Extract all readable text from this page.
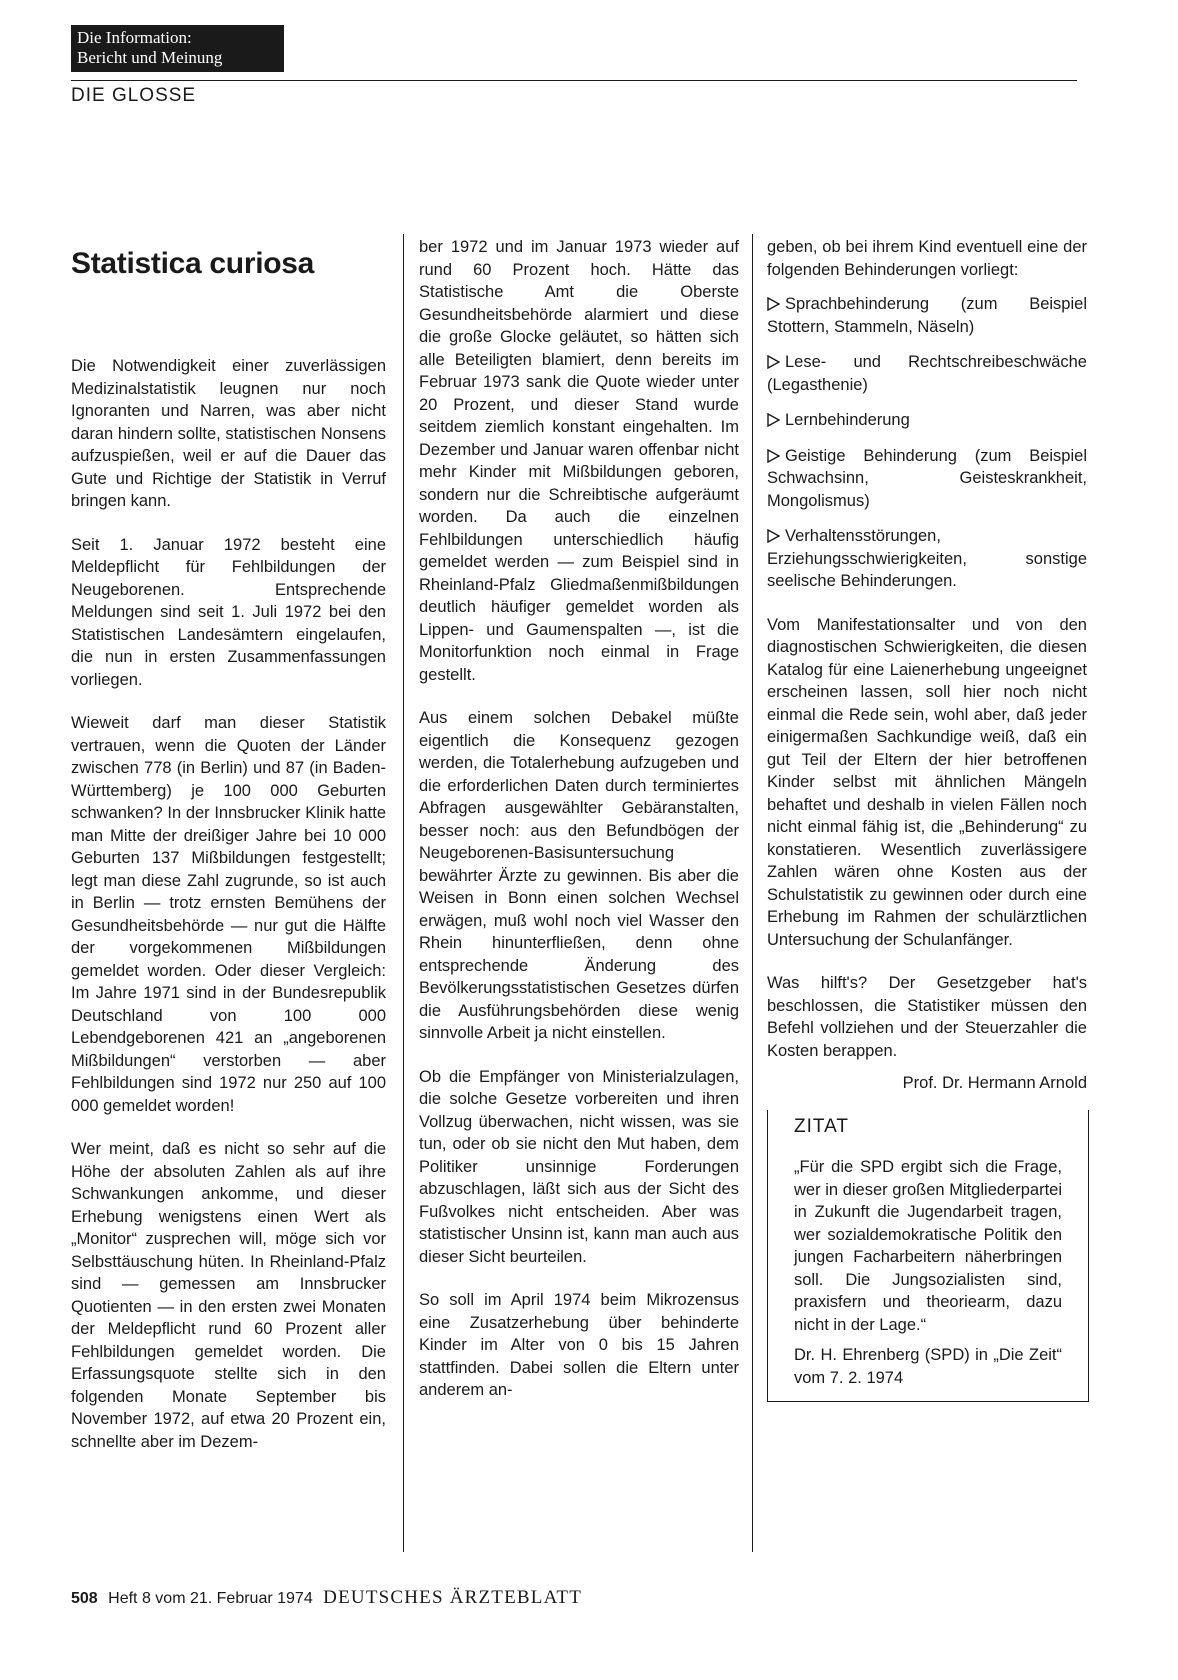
Die Information:
Bericht und Meinung
DIE GLOSSE
Statistica curiosa

Die Notwendigkeit einer zuverlässigen Medizinalstatistik leugnen nur noch Ignoranten und Narren, was aber nicht daran hindern sollte, statistischen Nonsens aufzuspießen, weil er auf die Dauer das Gute und Richtige der Statistik in Verruf bringen kann.

Seit 1. Januar 1972 besteht eine Meldepflicht für Fehlbildungen der Neugeborenen. Entsprechende Meldungen sind seit 1. Juli 1972 bei den Statistischen Landesämtern eingelaufen, die nun in ersten Zusammenfassungen vorliegen.

Wieweit darf man dieser Statistik vertrauen, wenn die Quoten der Länder zwischen 778 (in Berlin) und 87 (in Baden-Württemberg) je 100 000 Geburten schwanken? In der Innsbrucker Klinik hatte man Mitte der dreißiger Jahre bei 10 000 Geburten 137 Mißbildungen festgestellt; legt man diese Zahl zugrunde, so ist auch in Berlin — trotz ernsten Bemühens der Gesundheitsbehörde — nur gut die Hälfte der vorgekommenen Mißbildungen gemeldet worden. Oder dieser Vergleich: Im Jahre 1971 sind in der Bundesrepublik Deutschland von 100 000 Lebendgeborenen 421 an „angeborenen Mißbildungen“ verstorben — aber Fehlbildungen sind 1972 nur 250 auf 100 000 gemeldet worden!

Wer meint, daß es nicht so sehr auf die Höhe der absoluten Zahlen als auf ihre Schwankungen ankomme, und dieser Erhebung wenigstens einen Wert als „Monitor“ zusprechen will, möge sich vor Selbsttäuschung hüten. In Rheinland-Pfalz sind — gemessen am Innsbrucker Quotienten — in den ersten zwei Monaten der Meldepflicht rund 60 Prozent aller Fehlbildungen gemeldet worden. Die Erfassungsquote stellte sich in den folgenden Monate September bis November 1972, auf etwa 20 Prozent ein, schnellte aber im Dezem-

ber 1972 und im Januar 1973 wieder auf rund 60 Prozent hoch. Hätte das Statistische Amt die Oberste Gesundheitsbehörde alarmiert und diese die große Glocke geläutet, so hätten sich alle Beteiligten blamiert, denn bereits im Februar 1973 sank die Quote wieder unter 20 Prozent, und dieser Stand wurde seitdem ziemlich konstant eingehalten. Im Dezember und Januar waren offenbar nicht mehr Kinder mit Mißbildungen geboren, sondern nur die Schreibtische aufgeräumt worden. Da auch die einzelnen Fehlbildungen unterschiedlich häufig gemeldet werden — zum Beispiel sind in Rheinland-Pfalz Gliedmaßenmißbildungen deutlich häufiger gemeldet worden als Lippen- und Gaumenspalten —, ist die Monitorfunktion noch einmal in Frage gestellt.

Aus einem solchen Debakel müßte eigentlich die Konsequenz gezogen werden, die Totalerhebung aufzugeben und die erforderlichen Daten durch terminiertes Abfragen ausgewählter Gebäranstalten, besser noch: aus den Befundbögen der Neugeborenen-Basisuntersuchung bewährter Ärzte zu gewinnen. Bis aber die Weisen in Bonn einen solchen Wechsel erwägen, muß wohl noch viel Wasser den Rhein hinunterfließen, denn ohne entsprechende Änderung des Bevölkerungsstatistischen Gesetzes dürfen die Ausführungsbehörden diese wenig sinnvolle Arbeit ja nicht einstellen.

Ob die Empfänger von Ministerialzulagen, die solche Gesetze vorbereiten und ihren Vollzug überwachen, nicht wissen, was sie tun, oder ob sie nicht den Mut haben, dem Politiker unsinnige Forderungen abzuschlagen, läßt sich aus der Sicht des Fußvolkes nicht entscheiden. Aber was statistischer Unsinn ist, kann man auch aus dieser Sicht beurteilen.

So soll im April 1974 beim Mikrozensus eine Zusatzerhebung über behinderte Kinder im Alter von 0 bis 15 Jahren stattfinden. Dabei sollen die Eltern unter anderem an-

geben, ob bei ihrem Kind eventuell eine der folgenden Behinderungen vorliegt:

Sprachbehinderung (zum Beispiel Stottern, Stammeln, Näseln)
Lese- und Rechtschreibeschwäche (Legasthenie)
Lernbehinderung
Geistige Behinderung (zum Beispiel Schwachsinn, Geisteskrankheit, Mongolismus)
Verhaltensstörungen, Erziehungsschwierigkeiten, sonstige seelische Behinderungen.

Vom Manifestationsalter und von den diagnostischen Schwierigkeiten, die diesen Katalog für eine Laienerhebung ungeeignet erscheinen lassen, soll hier noch nicht einmal die Rede sein, wohl aber, daß jeder einigermaßen Sachkundige weiß, daß ein gut Teil der Eltern der hier betroffenen Kinder selbst mit ähnlichen Mängeln behaftet und deshalb in vielen Fällen noch nicht einmal fähig ist, die „Behinderung“ zu konstatieren. Wesentlich zuverlässigere Zahlen wären ohne Kosten aus der Schulstatistik zu gewinnen oder durch eine Erhebung im Rahmen der schulärztlichen Untersuchung der Schulanfänger.

Was hilft's? Der Gesetzgeber hat's beschlossen, die Statistiker müssen den Befehl vollziehen und der Steuerzahler die Kosten berappen.

Prof. Dr. Hermann Arnold

ZITAT

„Für die SPD ergibt sich die Frage, wer in dieser großen Mitgliederpartei in Zukunft die Jugendarbeit tragen, wer sozialdemokratische Politik den jungen Facharbeitern näherbringen soll. Die Jungsozialisten sind, praxisfern und theoriearm, dazu nicht in der Lage.“

Dr. H. Ehrenberg (SPD) in „Die Zeit“ vom 7. 2. 1974

508 Heft 8 vom 21. Februar 1974 DEUTSCHES ÄRZTEBLATT
